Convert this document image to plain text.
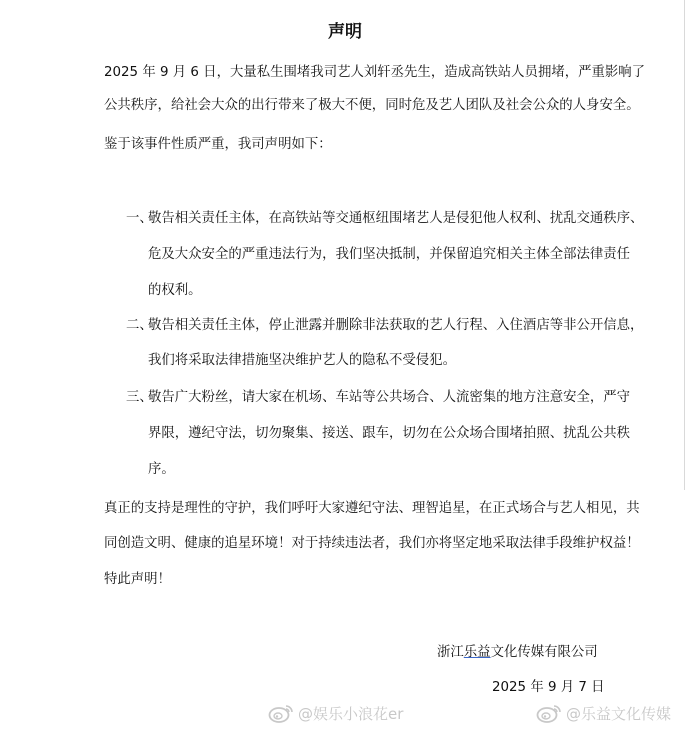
声明
2025 年 9 月 6 日，大量私生围堵我司艺人刘轩丞先生，造成高铁站人员拥堵，严重影响了
公共秩序，给社会大众的出行带来了极大不便，同时危及艺人团队及社会公众的人身安全。
鉴于该事件性质严重，我司声明如下：
一、
敬告相关责任主体，在高铁站等交通枢纽围堵艺人是侵犯他人权利、扰乱交通秩序、
危及大众安全的严重违法行为，我们坚决抵制，并保留追究相关主体全部法律责任
的权利。
二、
敬告相关责任主体，停止泄露并删除非法获取的艺人行程、入住酒店等非公开信息，
我们将采取法律措施坚决维护艺人的隐私不受侵犯。
三、
敬告广大粉丝，请大家在机场、车站等公共场合、人流密集的地方注意安全，严守
界限，遵纪守法，切勿聚集、接送、跟车，切勿在公众场合围堵拍照、扰乱公共秩
序。
真正的支持是理性的守护，我们呼吁大家遵纪守法、理智追星，在正式场合与艺人相见，共
同创造文明、健康的追星环境！对于持续违法者，我们亦将坚定地采取法律手段维护权益！
特此声明！
浙江乐益文化传媒有限公司
2025 年 9 月 7 日
@娱乐小浪花er	@乐益文化传媒
